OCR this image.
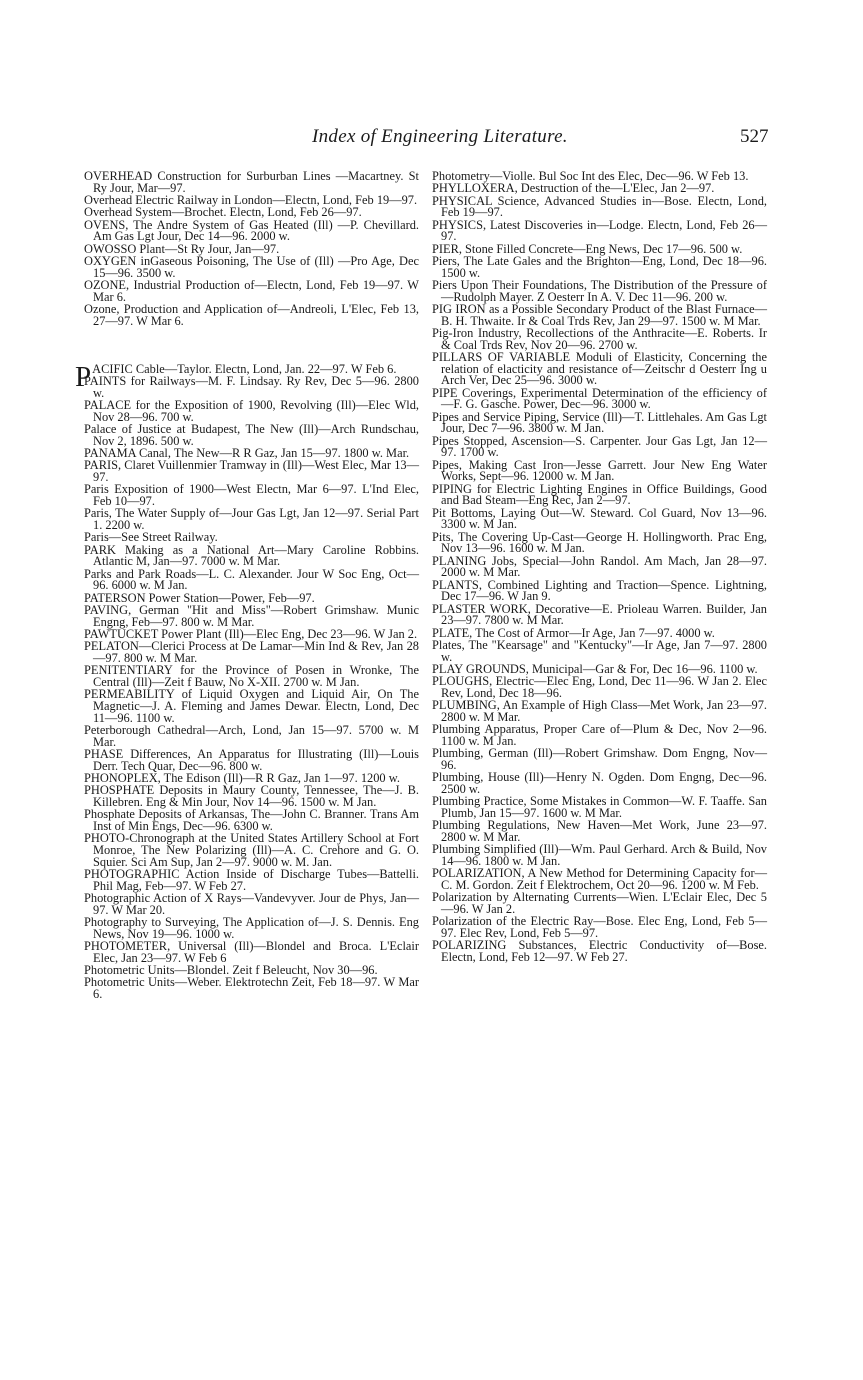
Index of Engineering Literature.	527
OVERHEAD Construction for Surburban Lines —Macartney. St Ry Jour, Mar—97.
Overhead Electric Railway in London—Electn, Lond, Feb 19—97.
Overhead System—Brochet. Electn, Lond, Feb 26—97.
OVENS, The Andre System of Gas Heated (Ill) —P. Chevillard. Am Gas Lgt Jour, Dec 14—96. 2000 w.
OWOSSO Plant—St Ry Jour, Jan—97.
OXYGEN inGaseous Poisoning, The Use of (Ill) —Pro Age, Dec 15—96. 3500 w.
OZONE, Industrial Production of—Electn, Lond, Feb 19—97. W Mar 6.
Ozone, Production and Application of—Andreoli, L'Elec, Feb 13, 27—97. W Mar 6.
PACIFIC Cable—Taylor. Electn, Lond, Jan. 22—97. W Feb 6.
PAINTS for Railways—M. F. Lindsay. Ry Rev, Dec 5—96. 2800 w.
PALACE for the Exposition of 1900, Revolving (Ill)—Elec Wld, Nov 28—96. 700 w.
Palace of Justice at Budapest, The New (Ill)—Arch Rundschau, Nov 2, 1896. 500 w.
PANAMA Canal, The New—R R Gaz, Jan 15—97. 1800 w. Mar.
PARIS, Claret Vuillenmier Tramway in (Ill)—West Elec, Mar 13—97.
Paris Exposition of 1900—West Electn, Mar 6—97. L'Ind Elec, Feb 10—97.
Paris, The Water Supply of—Jour Gas Lgt, Jan 12—97. Serial Part 1. 2200 w.
Paris—See Street Railway.
PARK Making as a National Art—Mary Caroline Robbins. Atlantic M, Jan—97. 7000 w. M Mar.
Parks and Park Roads—L. C. Alexander. Jour W Soc Eng, Oct—96. 6000 w. M Jan.
PATERSON Power Station—Power, Feb—97.
PAVING, German "Hit and Miss"—Robert Grimshaw. Munic Engng, Feb—97. 800 w. M Mar.
PAWTUCKET Power Plant (Ill)—Elec Eng, Dec 23—96. W Jan 2.
PELATON—Clerici Process at De Lamar—Min Ind & Rev, Jan 28—97. 800 w. M Mar.
PENITENTIARY for the Province of Posen in Wronke, The Central (Ill)—Zeit f Bauw, No X-XII. 2700 w. M Jan.
PERMEABILITY of Liquid Oxygen and Liquid Air, On The Magnetic—J. A. Fleming and James Dewar. Electn, Lond, Dec 11—96. 1100 w.
Peterborough Cathedral—Arch, Lond, Jan 15—97. 5700 w. M Mar.
PHASE Differences, An Apparatus for Illustrating (Ill)—Louis Derr. Tech Quar, Dec—96. 800 w.
PHONOPLEX, The Edison (Ill)—R R Gaz, Jan 1—97. 1200 w.
PHOSPHATE Deposits in Maury County, Tennessee, The—J. B. Killebren. Eng & Min Jour, Nov 14—96. 1500 w. M Jan.
Phosphate Deposits of Arkansas, The—John C. Branner. Trans Am Inst of Min Engs, Dec—96. 6300 w.
PHOTO-Chronograph at the United States Artillery School at Fort Monroe, The New Polarizing (Ill)—A. C. Crehore and G. O. Squier. Sci Am Sup, Jan 2—97. 9000 w. M. Jan.
PHOTOGRAPHIC Action Inside of Discharge Tubes—Battelli. Phil Mag, Feb—97. W Feb 27.
Photographic Action of X Rays—Vandevyver. Jour de Phys, Jan—97. W Mar 20.
Photography to Surveying, The Application of—J. S. Dennis. Eng News, Nov 19—96. 1000 w.
PHOTOMETER, Universal (Ill)—Blondel and Broca. L'Eclair Elec, Jan 23—97. W Feb 6
Photometric Units—Blondel. Zeit f Beleucht, Nov 30—96.
Photometric Units—Weber. Elektrotechn Zeit, Feb 18—97. W Mar 6.
Photometry—Violle. Bul Soc Int des Elec, Dec—96. W Feb 13.
PHYLLOXERA, Destruction of the—L'Elec, Jan 2—97.
PHYSICAL Science, Advanced Studies in—Bose. Electn, Lond, Feb 19—97.
PHYSICS, Latest Discoveries in—Lodge. Electn, Lond, Feb 26—97.
PIER, Stone Filled Concrete—Eng News, Dec 17—96. 500 w.
Piers, The Late Gales and the Brighton—Eng, Lond, Dec 18—96. 1500 w.
Piers Upon Their Foundations, The Distribution of the Pressure of—Rudolph Mayer. Z Oesterr In A. V. Dec 11—96. 200 w.
PIG IRON as a Possible Secondary Product of the Blast Furnace—B. H. Thwaite. Ir & Coal Trds Rev, Jan 29—97. 1500 w. M Mar.
Pig-Iron Industry, Recollections of the Anthracite—E. Roberts. Ir & Coal Trds Rev, Nov 20—96. 2700 w.
PILLARS OF VARIABLE Moduli of Elasticity, Concerning the relation of elacticity and resistance of—Zeitschr d Oesterr Ing u Arch Ver, Dec 25—96. 3000 w.
PIPE Coverings, Experimental Determination of the efficiency of—F. G. Gasche. Power, Dec—96. 3000 w.
Pipes and Service Piping, Service (Ill)—T. Littlehales. Am Gas Lgt Jour, Dec 7—96. 3800 w. M Jan.
Pipes Stopped, Ascension—S. Carpenter. Jour Gas Lgt, Jan 12—97. 1700 w.
Pipes, Making Cast Iron—Jesse Garrett. Jour New Eng Water Works, Sept—96. 12000 w. M Jan.
PIPING for Electric Lighting Engines in Office Buildings, Good and Bad Steam—Eng Rec, Jan 2—97.
Pit Bottoms, Laying Out—W. Steward. Col Guard, Nov 13—96. 3300 w. M Jan.
Pits, The Covering Up-Cast—George H. Hollingworth. Prac Eng, Nov 13—96. 1600 w. M Jan.
PLANING Jobs, Special—John Randol. Am Mach, Jan 28—97. 2000 w. M Mar.
PLANTS, Combined Lighting and Traction—Spence. Lightning, Dec 17—96. W Jan 9.
PLASTER WORK, Decorative—E. Prioleau Warren. Builder, Jan 23—97. 7800 w. M Mar.
PLATE, The Cost of Armor—Ir Age, Jan 7—97. 4000 w.
Plates, The "Kearsage" and "Kentucky"—Ir Age, Jan 7—97. 2800 w.
PLAY GROUNDS, Municipal—Gar & For, Dec 16—96. 1100 w.
PLOUGHS, Electric—Elec Eng, Lond, Dec 11—96. W Jan 2. Elec Rev, Lond, Dec 18—96.
PLUMBING, An Example of High Class—Met Work, Jan 23—97. 2800 w. M Mar.
Plumbing Apparatus, Proper Care of—Plum & Dec, Nov 2—96. 1100 w. M Jan.
Plumbing, German (Ill)—Robert Grimshaw. Dom Engng, Nov—96.
Plumbing, House (Ill)—Henry N. Ogden. Dom Engng, Dec—96. 2500 w.
Plumbing Practice, Some Mistakes in Common—W. F. Taaffe. San Plumb, Jan 15—97. 1600 w. M Mar.
Plumbing Regulations, New Haven—Met Work, June 23—97. 2800 w. M Mar.
Plumbing Simplified (Ill)—Wm. Paul Gerhard. Arch & Build, Nov 14—96. 1800 w. M Jan.
POLARIZATION, A New Method for Determining Capacity for—C. M. Gordon. Zeit f Elektrochem, Oct 20—96. 1200 w. M Feb.
Polarization by Alternating Currents—Wien. L'Eclair Elec, Dec 5—96. W Jan 2.
Polarization of the Electric Ray—Bose. Elec Eng, Lond, Feb 5—97. Elec Rev, Lond, Feb 5—97.
POLARIZING Substances, Electric Conductivity of—Bose. Electn, Lond, Feb 12—97. W Feb 27.
